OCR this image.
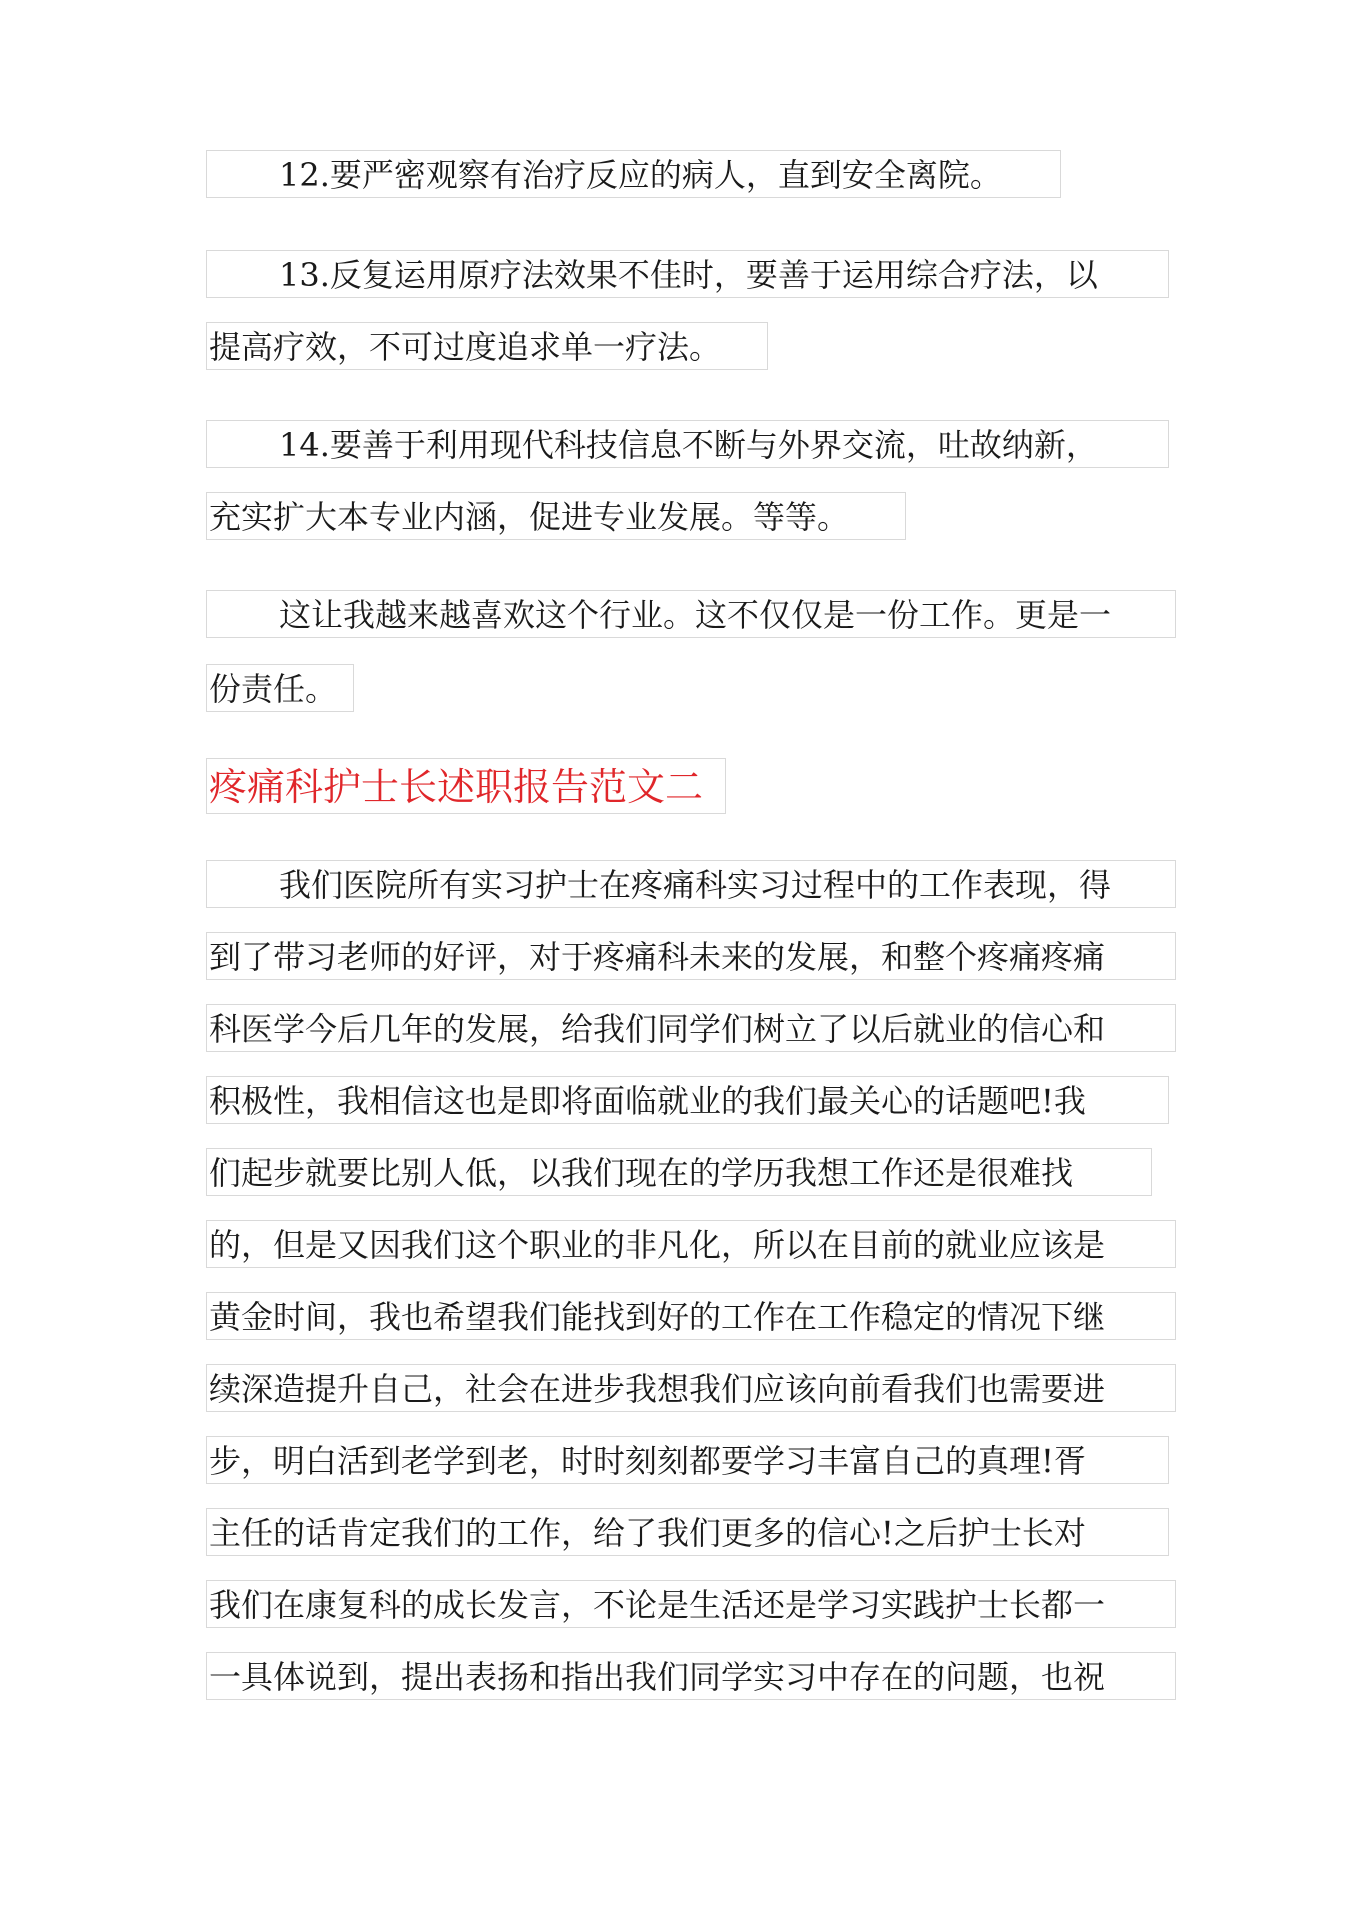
12.要严密观察有治疗反应的病人，直到安全离院。
13.反复运用原疗法效果不佳时，要善于运用综合疗法，以
提高疗效，不可过度追求单一疗法。
14.要善于利用现代科技信息不断与外界交流，吐故纳新，
充实扩大本专业内涵，促进专业发展。等等。
这让我越来越喜欢这个行业。这不仅仅是一份工作。更是一
份责任。
疼痛科护士长述职报告范文二
我们医院所有实习护士在疼痛科实习过程中的工作表现，得
到了带习老师的好评，对于疼痛科未来的发展，和整个疼痛疼痛
科医学今后几年的发展，给我们同学们树立了以后就业的信心和
积极性，我相信这也是即将面临就业的我们最关心的话题吧!我
们起步就要比别人低，以我们现在的学历我想工作还是很难找
的，但是又因我们这个职业的非凡化，所以在目前的就业应该是
黄金时间，我也希望我们能找到好的工作在工作稳定的情况下继
续深造提升自己，社会在进步我想我们应该向前看我们也需要进
步，明白活到老学到老，时时刻刻都要学习丰富自己的真理!胥
主任的话肯定我们的工作，给了我们更多的信心!之后护士长对
我们在康复科的成长发言，不论是生活还是学习实践护士长都一
一具体说到，提出表扬和指出我们同学实习中存在的问题，也祝
